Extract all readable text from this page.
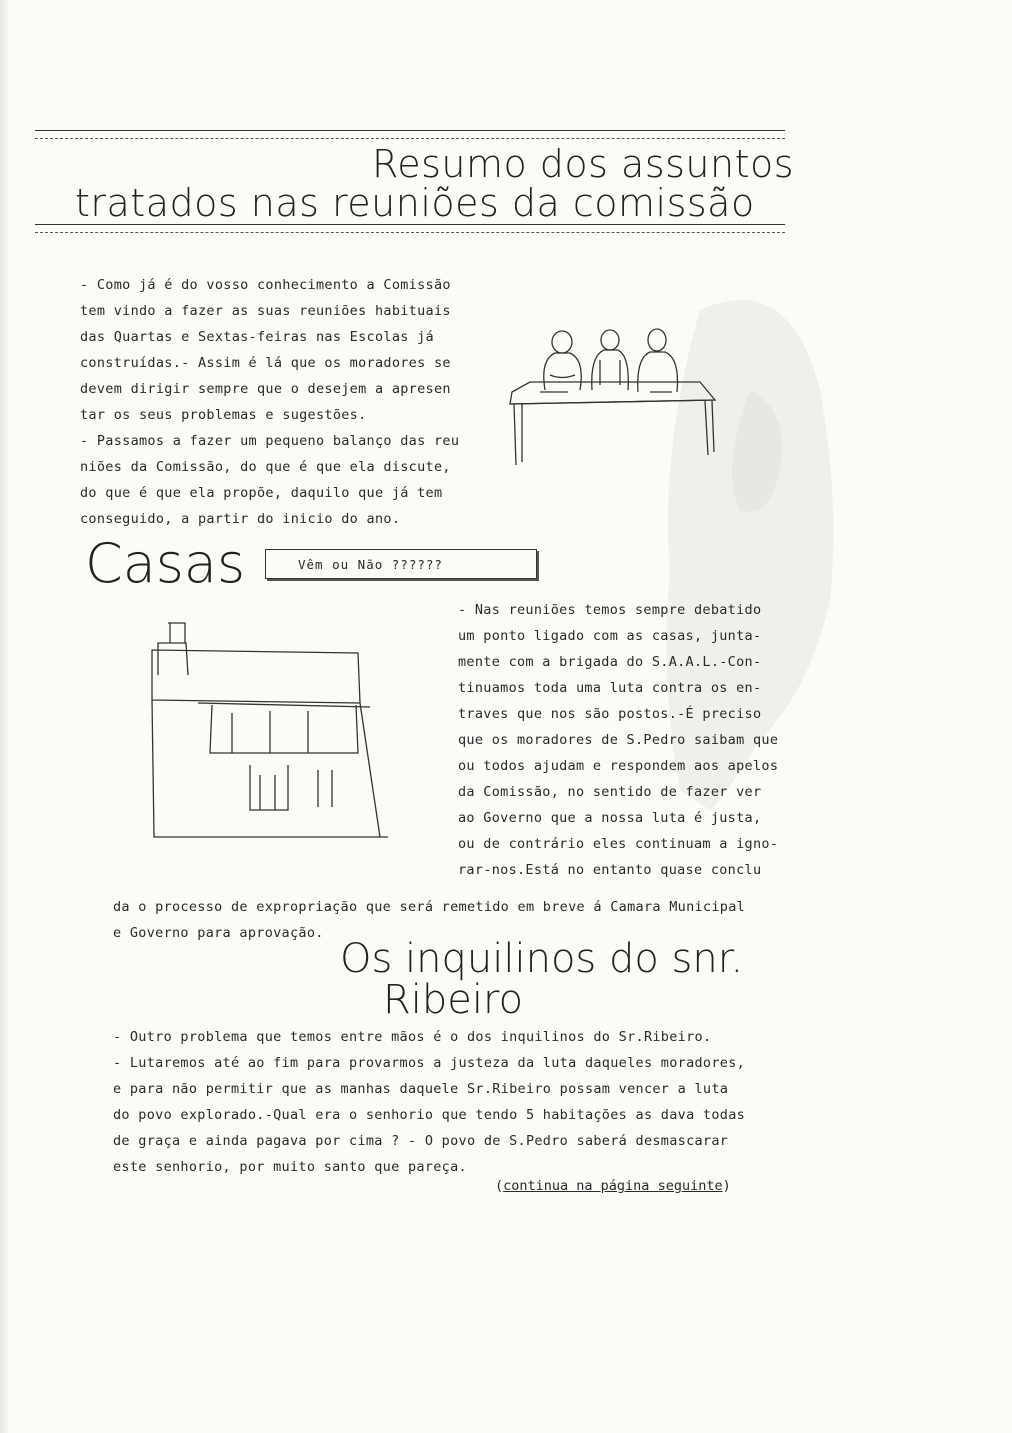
Resumo dos assuntos
tratados nas reuniões da comissão
- Como já é do vosso conhecimento a Comissão
tem vindo a fazer as suas reuniões habituais
das Quartas e Sextas-feiras nas Escolas já
construídas.- Assim é lá que os moradores se
devem dirigir sempre que o desejem a apresen
tar os seus problemas e sugestões.
- Passamos a fazer um pequeno balanço das reu
niões da Comissão, do que é que ela discute,
do que é que ela propõe, daquilo que já tem
conseguido, a partir do inicio do ano.
Casas	Vêm ou Não ??????
- Nas reuniões temos sempre debatido
um ponto ligado com as casas, junta-
mente com a brigada do S.A.A.L.-Con-
tinuamos toda uma luta contra os en-
traves que nos são postos.-É preciso
que os moradores de S.Pedro saibam que
ou todos ajudam e respondem aos apelos
da Comissão, no sentido de fazer ver
ao Governo que a nossa luta é justa,
ou de contrário eles continuam a igno-
rar-nos.Está no entanto quase conclu
da o processo de expropriação que será remetido em breve á Camara Municipal
e Governo para aprovação.
Os inquilinos do snr.
Ribeiro
- Outro problema que temos entre mãos é o dos inquilinos do Sr.Ribeiro.
- Lutaremos até ao fim para provarmos a justeza da luta daqueles moradores,
e para não permitir que as manhas daquele Sr.Ribeiro possam vencer a luta
do povo explorado.-Qual era o senhorio que tendo 5 habitações as dava todas
de graça e ainda pagava por cima ? - O povo de S.Pedro saberá desmascarar
este senhorio, por muito santo que pareça.
(continua na página seguinte)
